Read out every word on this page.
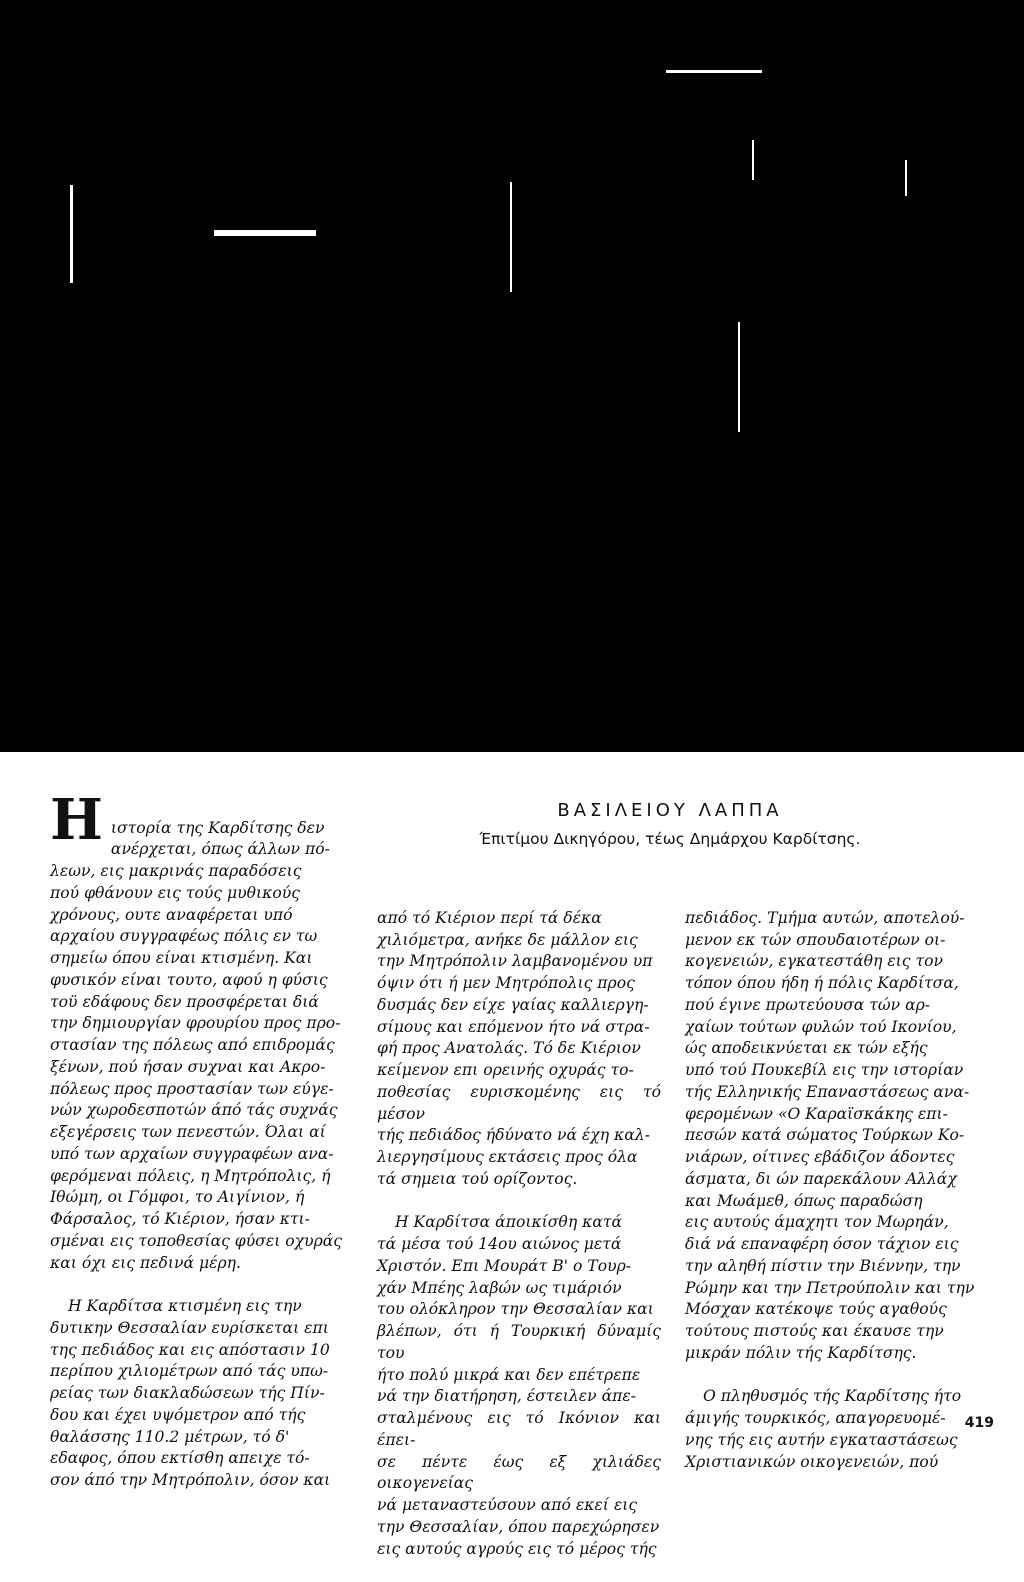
ΒΑΣΙΛΕΙΟΥ ΛΑΠΠΑ
Έπιτίμου Δικηγόρου, τέως Δημάρχου Καρδίτσης.

Η ιστορία της Καρδίτσης δεν
ανέρχεται, όπως άλλων πό-
λεων, εις μακρινάς παραδόσεις
πού φθάνουν εις τούς μυθικούς
χρόνους, ουτε αναφέρεται υπό
αρχαίου συγγραφέως πόλις εν τω
σημείω όπου είναι κτισμένη. Και
φυσικόν είναι τουτο, αφού η φύσις
τοϋ εδάφους δεν προσφέρεται διά
την δημιουργίαν φρουρίου προς προ-
στασίαν της πόλεως από επιδρομάς
ξένων, πού ήσαν συχναι και Ακρο-
πόλεως προς προστασίαν των εύγε-
νών χωροδεσποτών άπό τάς συχνάς
εξεγέρσεις των πενεστών. Όλαι αί
υπό των αρχαίων συγγραφέων ανα-
φερόμεναι πόλεις, η Μητρόπολις, ή
Ιθώμη, οι Γόμφοι, το Αιγίνιον, ή
Φάρσαλος, τό Κιέριον, ήσαν κτι-
σμέναι εις τοποθεσίας φύσει οχυράς
και όχι εις πεδινά μέρη.

Η Καρδίτσα κτισμένη εις την
δυτικην Θεσσαλίαν ευρίσκεται επι
της πεδιάδος και εις απόστασιν 10
περίπου χιλιομέτρων από τάς υπω-
ρείας των διακλαδώσεων τής Πίν-
δου και έχει υψόμετρον από τής
θαλάσσης 110.2 μέτρων, τό δ'
εδαφος, όπου εκτίσθη απειχε τό-
σον άπό την Μητρόπολιν, όσον και

από τό Κιέριον περί τά δέκα
χιλιόμετρα, ανήκε δε μάλλον εις
την Μητρόπολιν λαμβανομένου υπ
όψιν ότι ή μεν Μητρόπολις προς
δυσμάς δεν είχε γαίας καλλιεργη-
σίμους και επόμενον ήτο νά στρα-
φή προς Ανατολάς. Τό δε Κιέριον
κείμενον επι ορεινής οχυράς το-
ποθεσίας ευρισκομένης εις τό μέσον
τής πεδιάδος ήδύνατο νά έχη καλ-
λιεργησίμους εκτάσεις προς όλα
τά σημεια τού ορίζοντος.

Η Καρδίτσα άποικίσθη κατά
τά μέσα τού 14ου αιώνος μετά
Χριστόν. Επι Μουράτ Β' ο Τουρ-
χάν Μπέης λαβών ως τιμάριόν
του ολόκληρον την Θεσσαλίαν και
βλέπων, ότι ή Τουρκική δύναμίς του
ήτο πολύ μικρά και δεν επέτρεπε
νά την διατήρηση, έστειλεν άπε-
σταλμένους εις τό Ικόνιον και έπει-
σε πέντε έως εξ χιλιάδες οικογενείας
νά μεταναστεύσουν από εκεί εις
την Θεσσαλίαν, όπου παρεχώρησεν
εις αυτούς αγρούς εις τό μέρος τής

πεδιάδος. Τμήμα αυτών, αποτελού-
μενον εκ τών σπουδαιοτέρων οι-
κογενειών, εγκατεστάθη εις τον
τόπον όπου ήδη ή πόλις Καρδίτσα,
πού έγινε πρωτεύουσα τών αρ-
χαίων τούτων φυλών τού Ικονίου,
ώς αποδεικνύεται εκ τών εξής
υπό τού Πουκεβίλ εις την ιστορίαν
τής Ελληνικής Επαναστάσεως ανα-
φερομένων «Ο Καραϊσκάκης επι-
πεσών κατά σώματος Τούρκων Κο-
νιάρων, οίτινες εβάδιζον άδοντες
άσματα, δι ών παρεκάλουν Αλλάχ
και Μωάμεθ, όπως παραδώση
εις αυτούς άμαχητι τον Μωρηάν,
διά νά επαναφέρη όσον τάχιον εις
την αληθή πίστιν την Βιέννην, την
Ρώμην και την Πετρούπολιν και την
Μόσχαν κατέκοψε τούς αγαθούς
τούτους πιστούς και έκαυσε την
μικράν πόλιν τής Καρδίτσης.

Ο πληθυσμός τής Καρδίτσης ήτο
άμιγής τουρκικός, απαγορευομέ-
νης τής εις αυτήν εγκαταστάσεως
Χριστιανικών οικογενειών, πού

419
